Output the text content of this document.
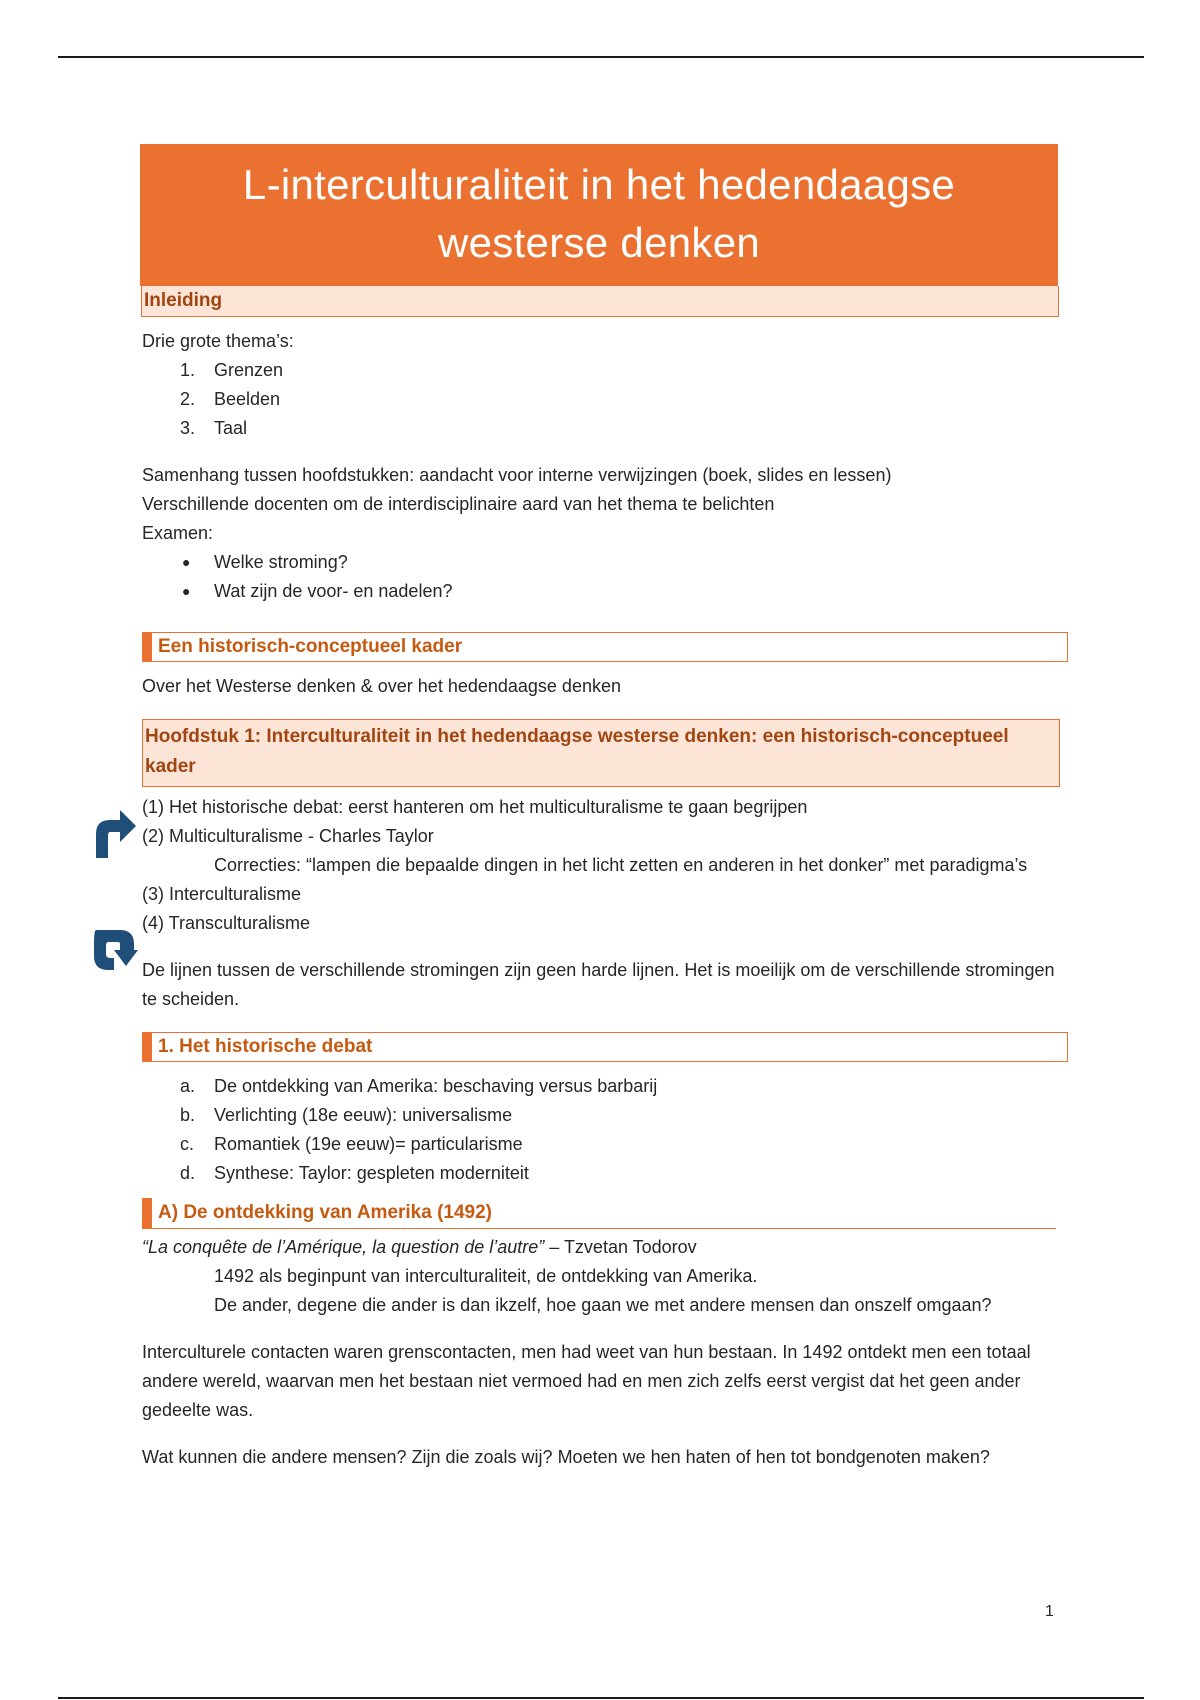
L-interculturaliteit in het hedendaagse westerse denken
Inleiding

Drie grote thema’s:

1.	Grenzen
2.	Beelden
3.	Taal

Samenhang tussen hoofdstukken: aandacht voor interne verwijzingen (boek, slides en lessen)

Verschillende docenten om de interdisciplinaire aard van het thema te belichten

Examen:

●	Welke stroming?
●	Wat zijn de voor- en nadelen?
Een historisch-conceptueel kader

Over het Westerse denken & over het hedendaagse denken

Hoofdstuk 1: Interculturaliteit in het hedendaagse westerse denken: een historisch-conceptueel kader

(1) Het historische debat: eerst hanteren om het multiculturalisme te gaan begrijpen

(2) Multiculturalisme - Charles Taylor

Correcties: “lampen die bepaalde dingen in het licht zetten en anderen in het donker” met paradigma’s

(3) Interculturalisme

(4) Transculturalisme

De lijnen tussen de verschillende stromingen zijn geen harde lijnen. Het is moeilijk om de verschillende stromingen te scheiden.

1. Het historische debat
a.	De ontdekking van Amerika: beschaving versus barbarij
b.	Verlichting (18e eeuw): universalisme
c.	Romantiek (19e eeuw)= particularisme
d.	Synthese: Taylor: gespleten moderniteit
A) De ontdekking van Amerika (1492)

“La conquête de l’Amérique, la question de l’autre” – Tzvetan Todorov

1492 als beginpunt van interculturaliteit, de ontdekking van Amerika.

De ander, degene die ander is dan ikzelf, hoe gaan we met andere mensen dan onszelf omgaan?

Interculturele contacten waren grenscontacten, men had weet van hun bestaan. In 1492 ontdekt men een totaal andere wereld, waarvan men het bestaan niet vermoed had en men zich zelfs eerst vergist dat het geen ander gedeelte was.

Wat kunnen die andere mensen? Zijn die zoals wij? Moeten we hen haten of hen tot bondgenoten maken?

1
